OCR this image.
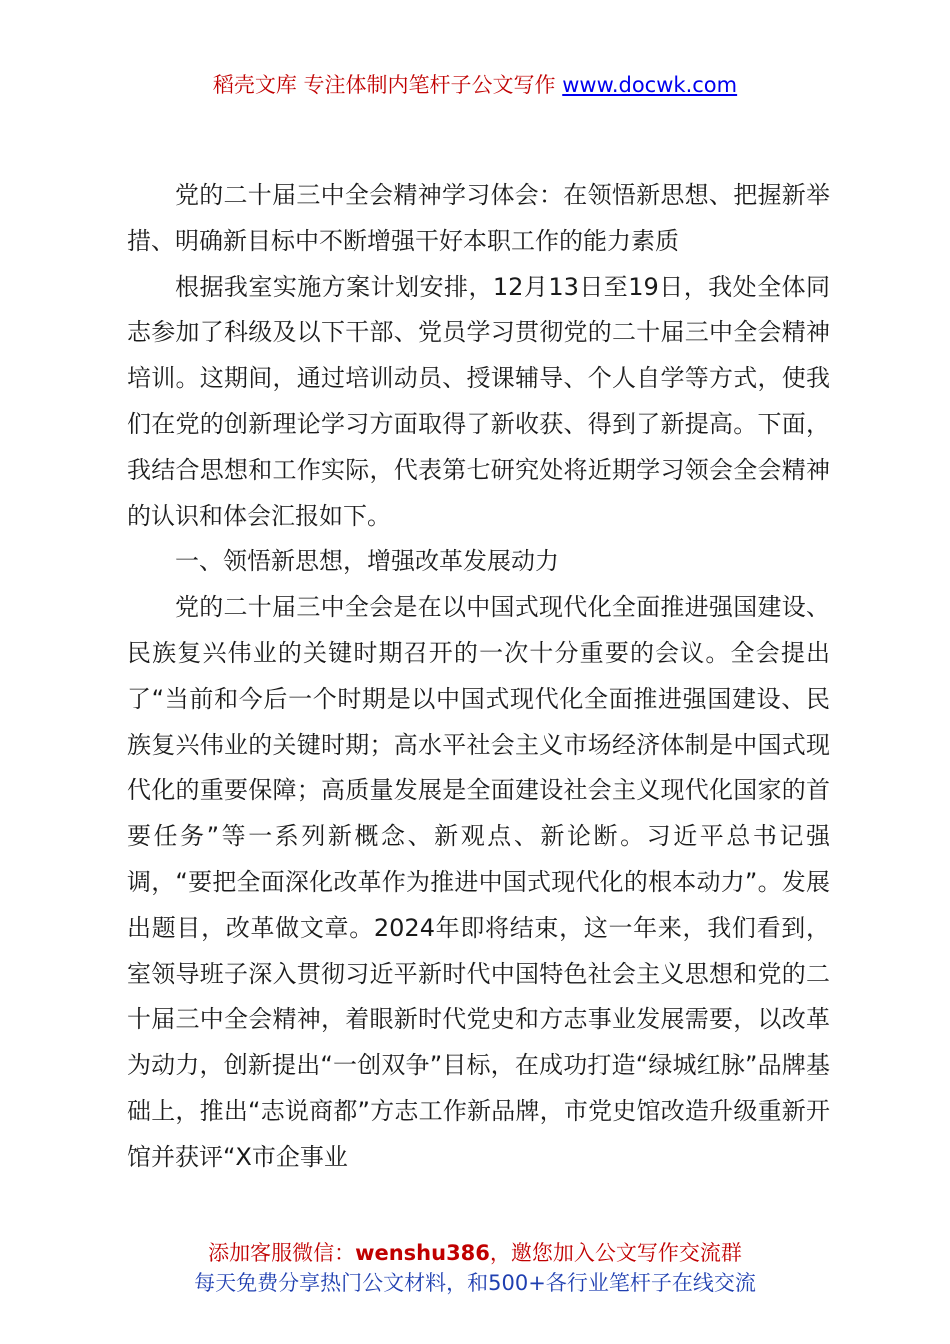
稻壳文库 专注体制内笔杆子公文写作 www.docwk.com

党的二十届三中全会精神学习体会：在领悟新思想、把握新举措、明确新目标中不断增强干好本职工作的能力素质

根据我室实施方案计划安排，12月13日至19日，我处全体同志参加了科级及以下干部、党员学习贯彻党的二十届三中全会精神培训。这期间，通过培训动员、授课辅导、个人自学等方式，使我们在党的创新理论学习方面取得了新收获、得到了新提高。下面，我结合思想和工作实际，代表第七研究处将近期学习领会全会精神的认识和体会汇报如下。

一、领悟新思想，增强改革发展动力

党的二十届三中全会是在以中国式现代化全面推进强国建设、民族复兴伟业的关键时期召开的一次十分重要的会议。全会提出了“当前和今后一个时期是以中国式现代化全面推进强国建设、民族复兴伟业的关键时期；高水平社会主义市场经济体制是中国式现代化的重要保障；高质量发展是全面建设社会主义现代化国家的首要任务”等一系列新概念、新观点、新论断。习近平总书记强调，“要把全面深化改革作为推进中国式现代化的根本动力”。发展出题目，改革做文章。2024年即将结束，这一年来，我们看到，室领导班子深入贯彻习近平新时代中国特色社会主义思想和党的二十届三中全会精神，着眼新时代党史和方志事业发展需要，以改革为动力，创新提出“一创双争”目标，在成功打造“绿城红脉”品牌基础上，推出“志说商都”方志工作新品牌，市党史馆改造升级重新开馆并获评“X市企事业

添加客服微信：wenshu386，邀您加入公文写作交流群
每天免费分享热门公文材料，和500+各行业笔杆子在线交流
